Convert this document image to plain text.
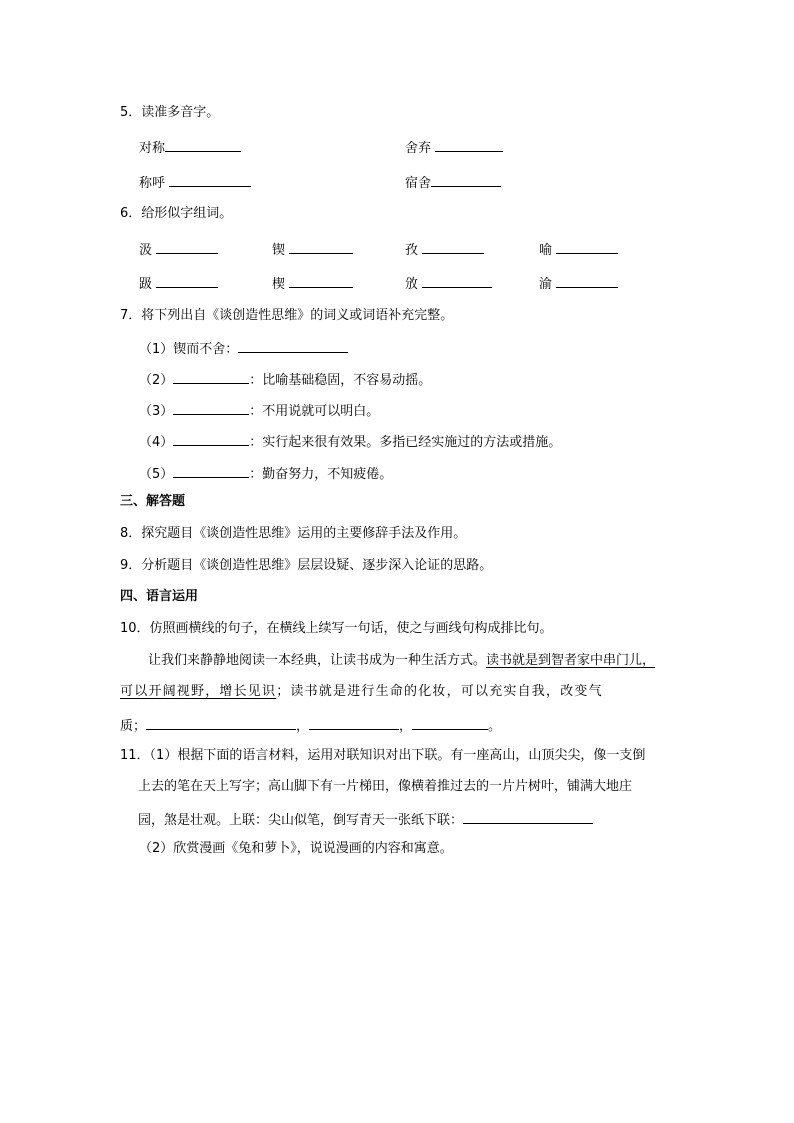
5．读准多音字。
对称	舍弃
称呼	宿舍
6．给形似字组词。
汲	锲	孜	喻
趿	楔	攽	渝
7．将下列出自《谈创造性思维》的词义或词语补充完整。
（1）锲而不舍：
（2）	：比喻基础稳固，不容易动摇。
（3）	：不用说就可以明白。
（4）	：实行起来很有效果。多指已经实施过的方法或措施。
（5）	：勤奋努力，不知疲倦。
三、解答题
8．探究题目《谈创造性思维》运用的主要修辞手法及作用。
9．分析题目《谈创造性思维》层层设疑、逐步深入论证的思路。
四、语言运用
10．仿照画横线的句子，在横线上续写一句话，使之与画线句构成排比句。
让我们来静静地阅读一本经典，让读书成为一种生活方式。读书就是到智者家中串门儿，
可以开阔视野，增长见识；读书就是进行生命的化妆，可以充实自我，改变气
质；	，	，	。
11．（1）根据下面的语言材料，运用对联知识对出下联。有一座高山，山顶尖尖，像一支倒
上去的笔在天上写字；高山脚下有一片梯田，像横着推过去的一片片树叶，铺满大地庄
园，煞是壮观。上联：尖山似笔，倒写青天一张纸下联：
（2）欣赏漫画《兔和萝卜》，说说漫画的内容和寓意。
